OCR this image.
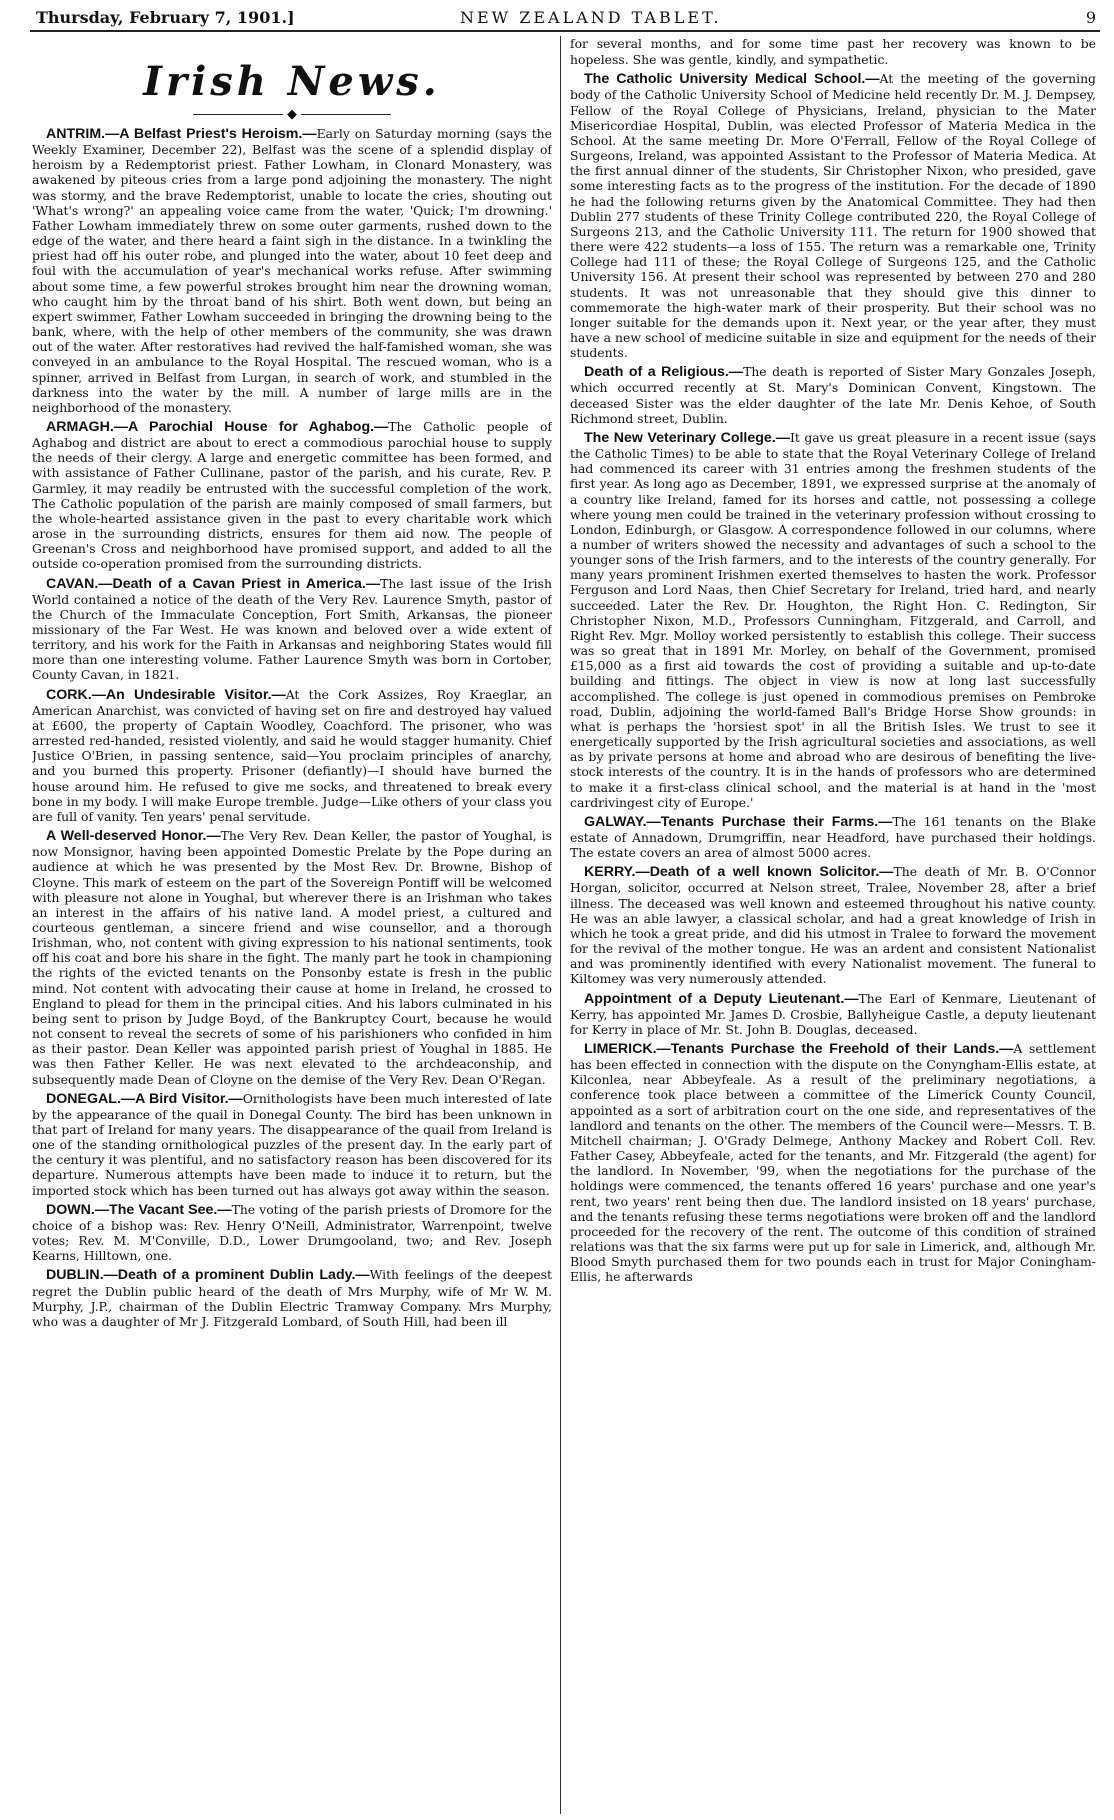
Thursday, February 7, 1901.]	NEW ZEALAND TABLET.	9
Irish News.
◆

ANTRIM.—A Belfast Priest's Heroism.—Early on Saturday morning (says the Weekly Examiner, December 22), Belfast was the scene of a splendid display of heroism by a Redemptorist priest. Father Lowham, in Clonard Monastery, was awakened by piteous cries from a large pond adjoining the monastery. The night was stormy, and the brave Redemptorist, unable to locate the cries, shouting out 'What's wrong?' an appealing voice came from the water, 'Quick; I'm drowning.' Father Lowham immediately threw on some outer garments, rushed down to the edge of the water, and there heard a faint sigh in the distance. In a twinkling the priest had off his outer robe, and plunged into the water, about 10 feet deep and foul with the accumulation of year's mechanical works refuse. After swimming about some time, a few powerful strokes brought him near the drowning woman, who caught him by the throat band of his shirt. Both went down, but being an expert swimmer, Father Lowham succeeded in bringing the drowning being to the bank, where, with the help of other members of the community, she was drawn out of the water. After restoratives had revived the half-famished woman, she was conveyed in an ambulance to the Royal Hospital. The rescued woman, who is a spinner, arrived in Belfast from Lurgan, in search of work, and stumbled in the darkness into the water by the mill. A number of large mills are in the neighborhood of the monastery.

ARMAGH.—A Parochial House for Aghabog.—The Catholic people of Aghabog and district are about to erect a commodious parochial house to supply the needs of their clergy. A large and energetic committee has been formed, and with assistance of Father Cullinane, pastor of the parish, and his curate, Rev. P. Garmley, it may readily be entrusted with the successful completion of the work. The Catholic population of the parish are mainly composed of small farmers, but the whole-hearted assistance given in the past to every charitable work which arose in the surrounding districts, ensures for them aid now. The people of Greenan's Cross and neighborhood have promised support, and added to all the outside co-operation promised from the surrounding districts.

CAVAN.—Death of a Cavan Priest in America.—The last issue of the Irish World contained a notice of the death of the Very Rev. Laurence Smyth, pastor of the Church of the Immaculate Conception, Fort Smith, Arkansas, the pioneer missionary of the Far West. He was known and beloved over a wide extent of territory, and his work for the Faith in Arkansas and neighboring States would fill more than one interesting volume. Father Laurence Smyth was born in Cortober, County Cavan, in 1821.

CORK.—An Undesirable Visitor.—At the Cork Assizes, Roy Kraeglar, an American Anarchist, was convicted of having set on fire and destroyed hay valued at £600, the property of Captain Woodley, Coachford. The prisoner, who was arrested red-handed, resisted violently, and said he would stagger humanity. Chief Justice O'Brien, in passing sentence, said—You proclaim principles of anarchy, and you burned this property. Prisoner (defiantly)—I should have burned the house around him. He refused to give me socks, and threatened to break every bone in my body. I will make Europe tremble. Judge—Like others of your class you are full of vanity. Ten years' penal servitude.

A Well-deserved Honor.—The Very Rev. Dean Keller, the pastor of Youghal, is now Monsignor, having been appointed Domestic Prelate by the Pope during an audience at which he was presented by the Most Rev. Dr. Browne, Bishop of Cloyne. This mark of esteem on the part of the Sovereign Pontiff will be welcomed with pleasure not alone in Youghal, but wherever there is an Irishman who takes an interest in the affairs of his native land. A model priest, a cultured and courteous gentleman, a sincere friend and wise counsellor, and a thorough Irishman, who, not content with giving expression to his national sentiments, took off his coat and bore his share in the fight. The manly part he took in championing the rights of the evicted tenants on the Ponsonby estate is fresh in the public mind. Not content with advocating their cause at home in Ireland, he crossed to England to plead for them in the principal cities. And his labors culminated in his being sent to prison by Judge Boyd, of the Bankruptcy Court, because he would not consent to reveal the secrets of some of his parishioners who confided in him as their pastor. Dean Keller was appointed parish priest of Youghal in 1885. He was then Father Keller. He was next elevated to the archdeaconship, and subsequently made Dean of Cloyne on the demise of the Very Rev. Dean O'Regan.

DONEGAL.—A Bird Visitor.—Ornithologists have been much interested of late by the appearance of the quail in Donegal County. The bird has been unknown in that part of Ireland for many years. The disappearance of the quail from Ireland is one of the standing ornithological puzzles of the present day. In the early part of the century it was plentiful, and no satisfactory reason has been discovered for its departure. Numerous attempts have been made to induce it to return, but the imported stock which has been turned out has always got away within the season.

DOWN.—The Vacant See.—The voting of the parish priests of Dromore for the choice of a bishop was: Rev. Henry O'Neill, Administrator, Warrenpoint, twelve votes; Rev. M. M'Conville, D.D., Lower Drumgooland, two; and Rev. Joseph Kearns, Hilltown, one.

DUBLIN.—Death of a prominent Dublin Lady.—With feelings of the deepest regret the Dublin public heard of the death of Mrs Murphy, wife of Mr W. M. Murphy, J.P., chairman of the Dublin Electric Tramway Company. Mrs Murphy, who was a daughter of Mr J. Fitzgerald Lombard, of South Hill, had been ill

for several months, and for some time past her recovery was known to be hopeless. She was gentle, kindly, and sympathetic.

The Catholic University Medical School.—At the meeting of the governing body of the Catholic University School of Medicine held recently Dr. M. J. Dempsey, Fellow of the Royal College of Physicians, Ireland, physician to the Mater Misericordiae Hospital, Dublin, was elected Professor of Materia Medica in the School. At the same meeting Dr. More O'Ferrall, Fellow of the Royal College of Surgeons, Ireland, was appointed Assistant to the Professor of Materia Medica. At the first annual dinner of the students, Sir Christopher Nixon, who presided, gave some interesting facts as to the progress of the institution. For the decade of 1890 he had the following returns given by the Anatomical Committee. They had then Dublin 277 students of these Trinity College contributed 220, the Royal College of Surgeons 213, and the Catholic University 111. The return for 1900 showed that there were 422 students—a loss of 155. The return was a remarkable one, Trinity College had 111 of these; the Royal College of Surgeons 125, and the Catholic University 156. At present their school was represented by between 270 and 280 students. It was not unreasonable that they should give this dinner to commemorate the high-water mark of their prosperity. But their school was no longer suitable for the demands upon it. Next year, or the year after, they must have a new school of medicine suitable in size and equipment for the needs of their students.

Death of a Religious.—The death is reported of Sister Mary Gonzales Joseph, which occurred recently at St. Mary's Dominican Convent, Kingstown. The deceased Sister was the elder daughter of the late Mr. Denis Kehoe, of South Richmond street, Dublin.

The New Veterinary College.—It gave us great pleasure in a recent issue (says the Catholic Times) to be able to state that the Royal Veterinary College of Ireland had commenced its career with 31 entries among the freshmen students of the first year. As long ago as December, 1891, we expressed surprise at the anomaly of a country like Ireland, famed for its horses and cattle, not possessing a college where young men could be trained in the veterinary profession without crossing to London, Edinburgh, or Glasgow. A correspondence followed in our columns, where a number of writers showed the necessity and advantages of such a school to the younger sons of the Irish farmers, and to the interests of the country generally. For many years prominent Irishmen exerted themselves to hasten the work. Professor Ferguson and Lord Naas, then Chief Secretary for Ireland, tried hard, and nearly succeeded. Later the Rev. Dr. Houghton, the Right Hon. C. Redington, Sir Christopher Nixon, M.D., Professors Cunningham, Fitzgerald, and Carroll, and Right Rev. Mgr. Molloy worked persistently to establish this college. Their success was so great that in 1891 Mr. Morley, on behalf of the Government, promised £15,000 as a first aid towards the cost of providing a suitable and up-to-date building and fittings. The object in view is now at long last successfully accomplished. The college is just opened in commodious premises on Pembroke road, Dublin, adjoining the world-famed Ball's Bridge Horse Show grounds: in what is perhaps the 'horsiest spot' in all the British Isles. We trust to see it energetically supported by the Irish agricultural societies and associations, as well as by private persons at home and abroad who are desirous of benefiting the live-stock interests of the country. It is in the hands of professors who are determined to make it a first-class clinical school, and the material is at hand in the 'most cardrivingest city of Europe.'

GALWAY.—Tenants Purchase their Farms.—The 161 tenants on the Blake estate of Annadown, Drumgriffin, near Headford, have purchased their holdings. The estate covers an area of almost 5000 acres.

KERRY.—Death of a well known Solicitor.—The death of Mr. B. O'Connor Horgan, solicitor, occurred at Nelson street, Tralee, November 28, after a brief illness. The deceased was well known and esteemed throughout his native county. He was an able lawyer, a classical scholar, and had a great knowledge of Irish in which he took a great pride, and did his utmost in Tralee to forward the movement for the revival of the mother tongue. He was an ardent and consistent Nationalist and was prominently identified with every Nationalist movement. The funeral to Kiltomey was very numerously attended.

Appointment of a Deputy Lieutenant.—The Earl of Kenmare, Lieutenant of Kerry, has appointed Mr. James D. Crosbie, Ballyheigue Castle, a deputy lieutenant for Kerry in place of Mr. St. John B. Douglas, deceased.

LIMERICK.—Tenants Purchase the Freehold of their Lands.—A settlement has been effected in connection with the dispute on the Conyngham-Ellis estate, at Kilconlea, near Abbeyfeale. As a result of the preliminary negotiations, a conference took place between a committee of the Limerick County Council, appointed as a sort of arbitration court on the one side, and representatives of the landlord and tenants on the other. The members of the Council were—Messrs. T. B. Mitchell chairman; J. O'Grady Delmege, Anthony Mackey and Robert Coll. Rev. Father Casey, Abbeyfeale, acted for the tenants, and Mr. Fitzgerald (the agent) for the landlord. In November, '99, when the negotiations for the purchase of the holdings were commenced, the tenants offered 16 years' purchase and one year's rent, two years' rent being then due. The landlord insisted on 18 years' purchase, and the tenants refusing these terms negotiations were broken off and the landlord proceeded for the recovery of the rent. The outcome of this condition of strained relations was that the six farms were put up for sale in Limerick, and, although Mr. Blood Smyth purchased them for two pounds each in trust for Major Coningham-Ellis, he afterwards
